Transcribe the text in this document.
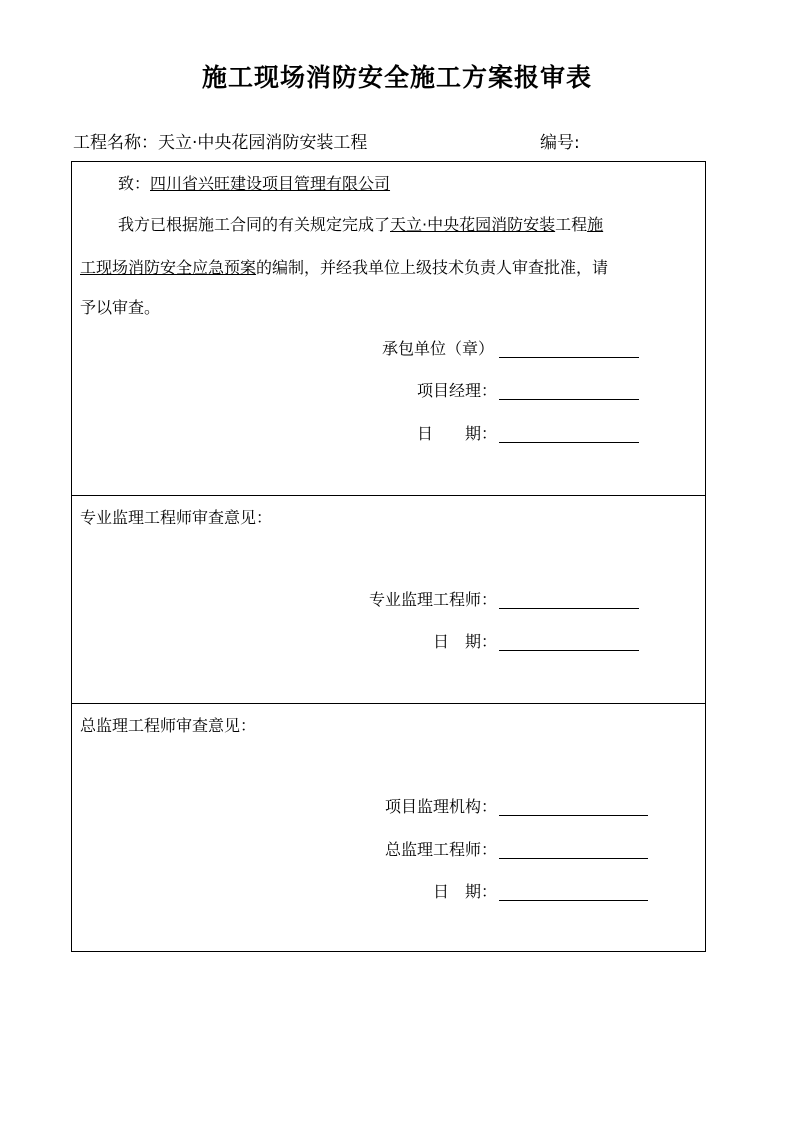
施工现场消防安全施工方案报审表
工程名称：天立·中央花园消防安装工程	编号:
致：四川省兴旺建设项目管理有限公司
我方已根据施工合同的有关规定完成了天立·中央花园消防安装工程施
工现场消防安全应急预案的编制，并经我单位上级技术负责人审查批准，请
予以审查。
承包单位（章）
项目经理：
日　　期：
专业监理工程师审查意见：
专业监理工程师：
日　期：
总监理工程师审查意见：
项目监理机构：
总监理工程师：
日　期：
